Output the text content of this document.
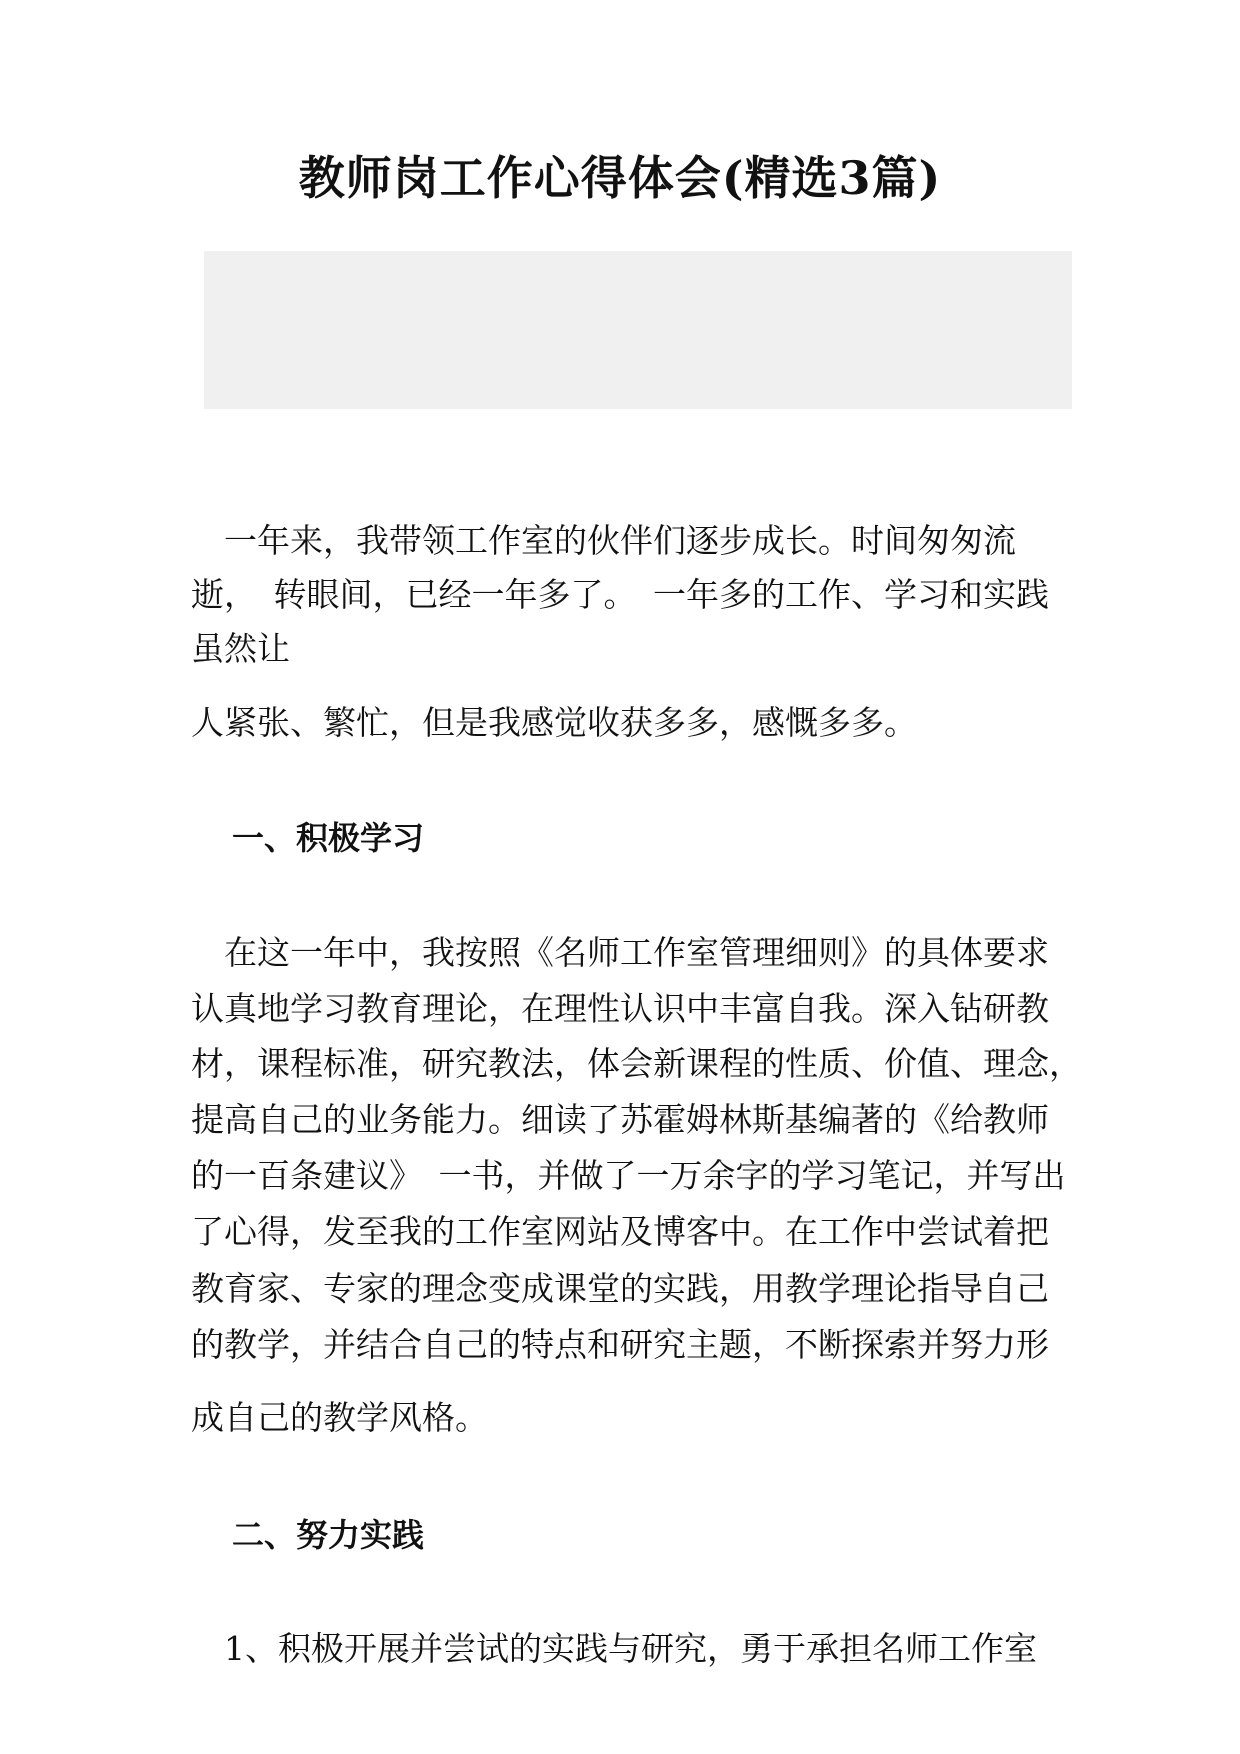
教师岗工作心得体会(精选3篇)
　一年来，我带领工作室的伙伴们逐步成长。时间匆匆流
逝，　转眼间，已经一年多了。　一年多的工作、学习和实践
虽然让
人紧张、繁忙，但是我感觉收获多多，感慨多多。
一、积极学习
　在这一年中，我按照《名师工作室管理细则》的具体要求
认真地学习教育理论，在理性认识中丰富自我。深入钻研教
材，课程标准，研究教法，体会新课程的性质、价值、理念，
提高自己的业务能力。细读了苏霍姆林斯基编著的《给教师
的一百条建议》　一书，并做了一万余字的学习笔记，并写出
了心得，发至我的工作室网站及博客中。在工作中尝试着把
教育家、专家的理念变成课堂的实践，用教学理论指导自己
的教学，并结合自己的特点和研究主题，不断探索并努力形
成自己的教学风格。
二、努力实践
　1、积极开展并尝试的实践与研究，勇于承担名师工作室
